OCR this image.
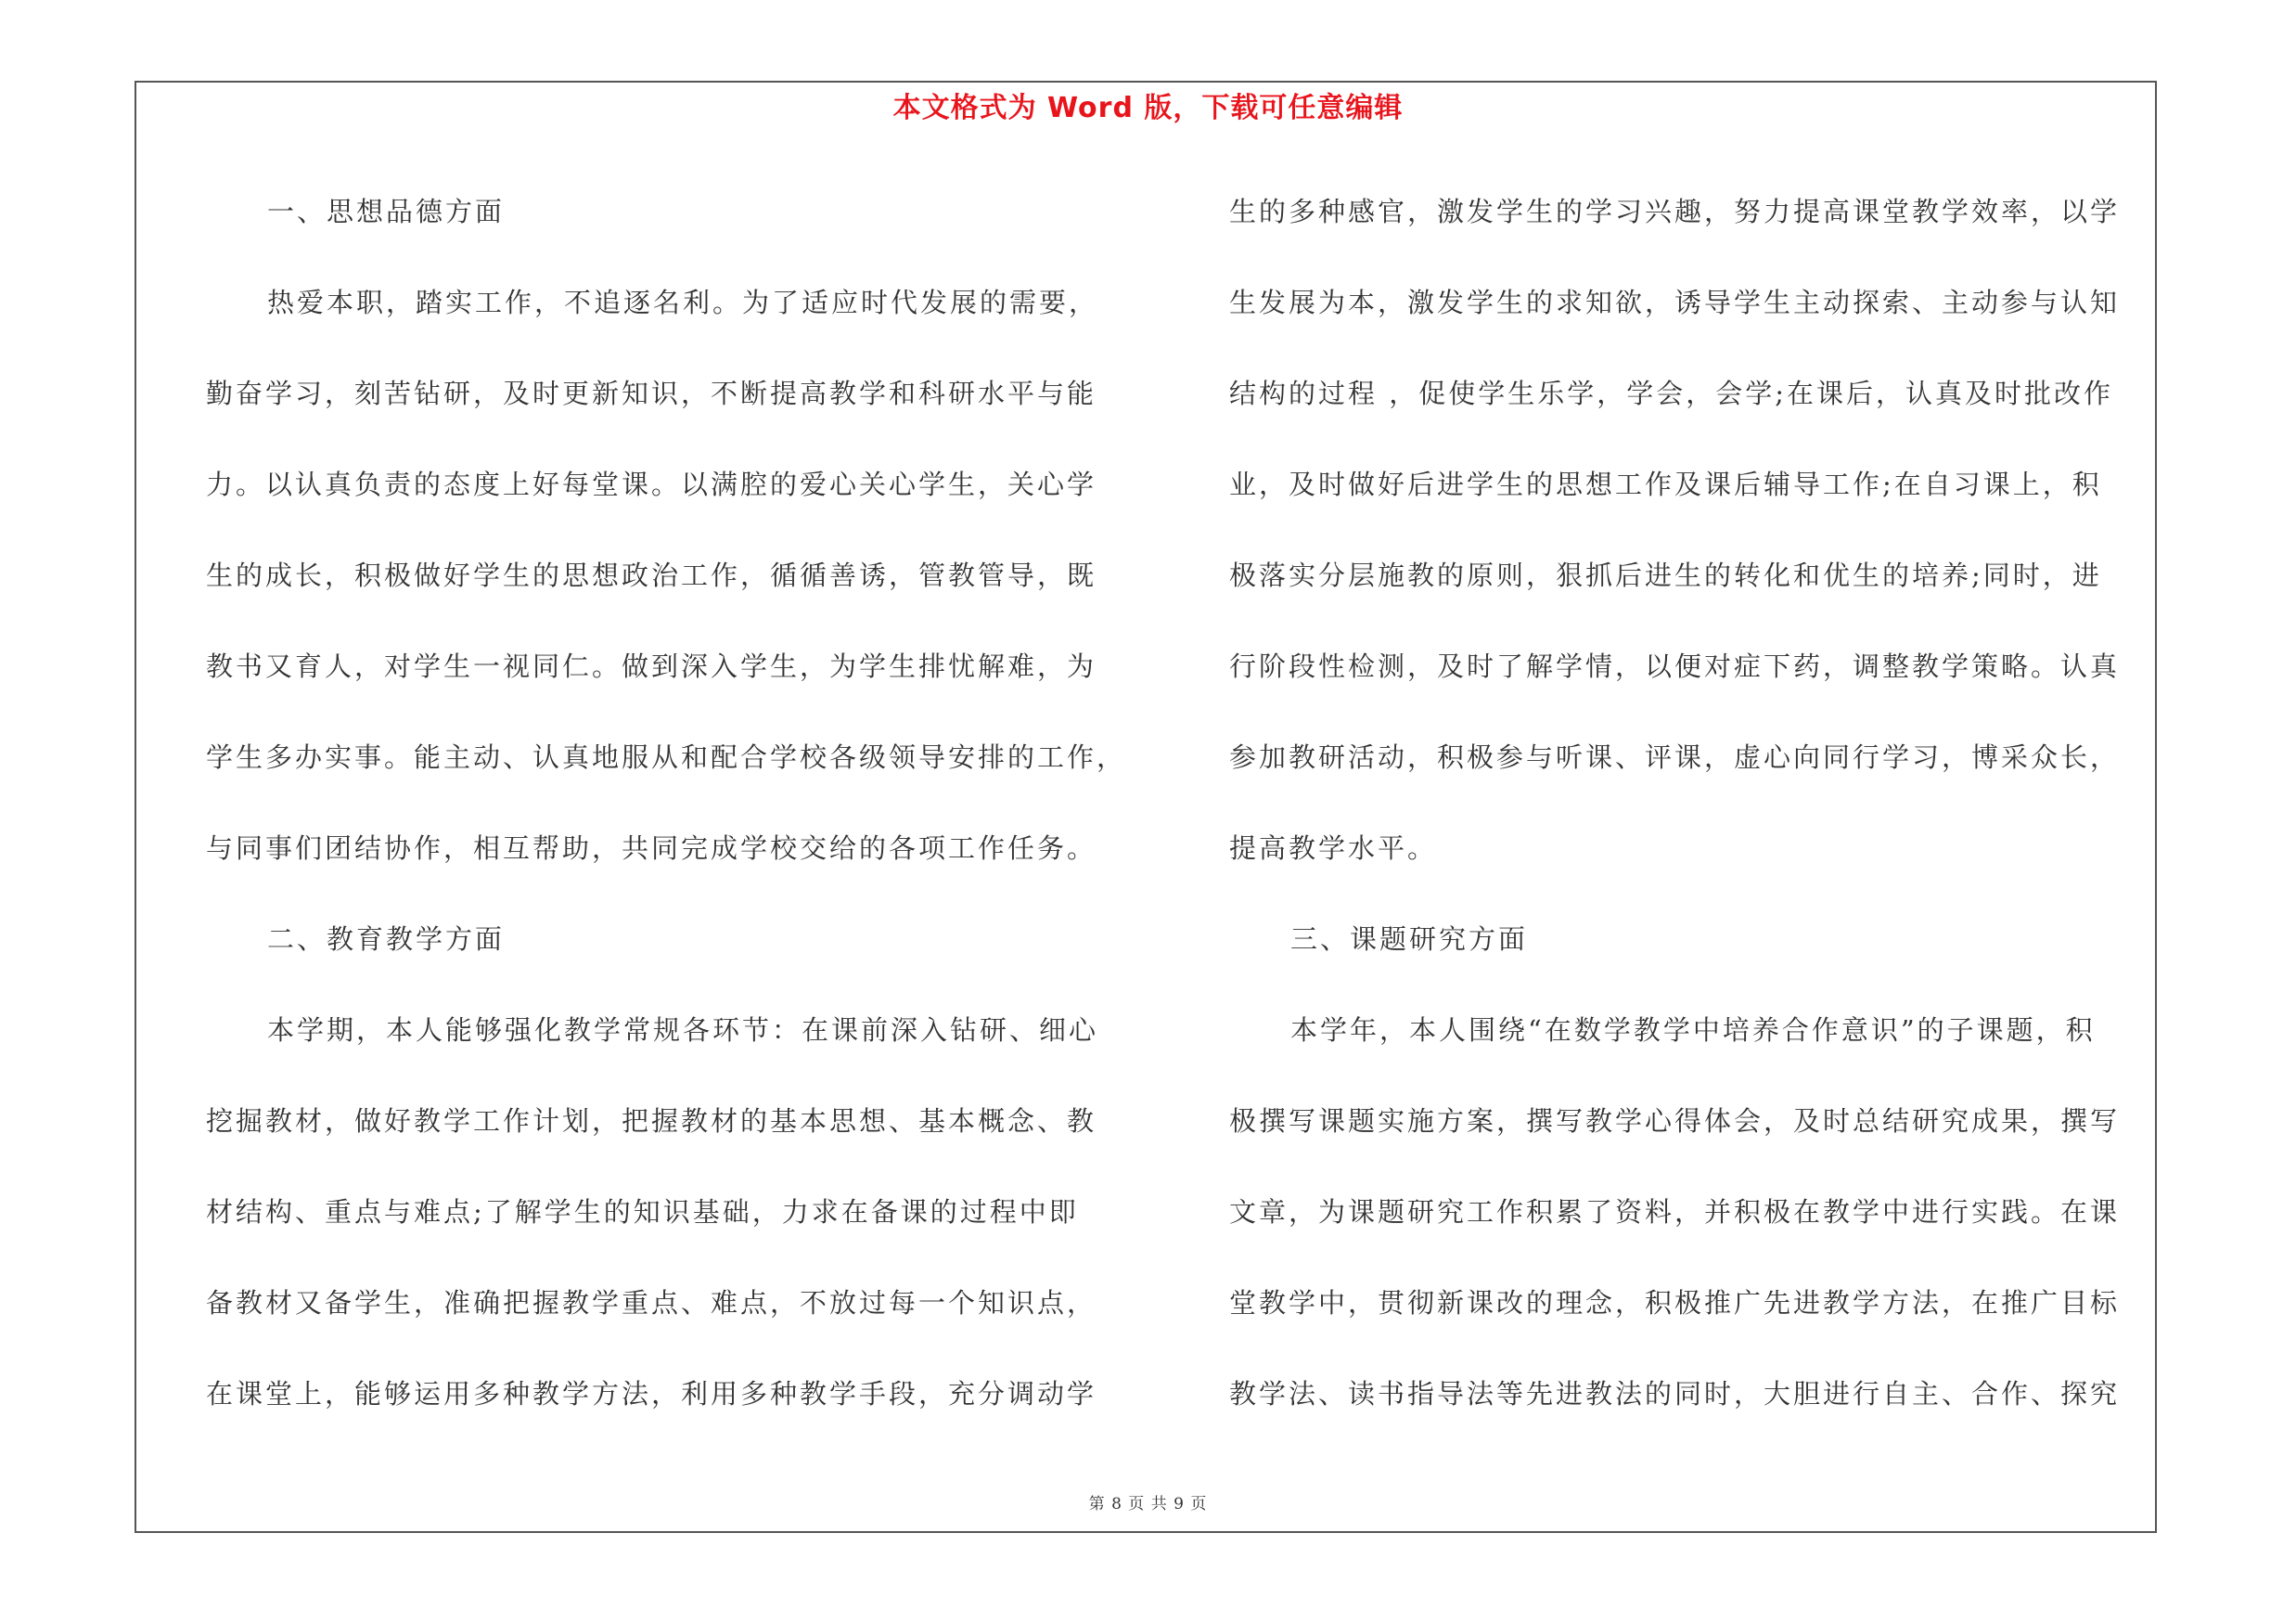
本文格式为 Word 版，下载可任意编辑
一、思想品德方面
热爱本职，踏实工作，不追逐名利。为了适应时代发展的需要，
勤奋学习，刻苦钻研，及时更新知识，不断提高教学和科研水平与能
力。以认真负责的态度上好每堂课。以满腔的爱心关心学生，关心学
生的成长，积极做好学生的思想政治工作，循循善诱，管教管导，既
教书又育人，对学生一视同仁。做到深入学生，为学生排忧解难，为
学生多办实事。能主动、认真地服从和配合学校各级领导安排的工作，
与同事们团结协作，相互帮助，共同完成学校交给的各项工作任务。
二、教育教学方面
本学期，本人能够强化教学常规各环节：在课前深入钻研、细心
挖掘教材，做好教学工作计划，把握教材的基本思想、基本概念、教
材结构、重点与难点;了解学生的知识基础，力求在备课的过程中即
备教材又备学生，准确把握教学重点、难点，不放过每一个知识点，
在课堂上，能够运用多种教学方法，利用多种教学手段，充分调动学
生的多种感官，激发学生的学习兴趣，努力提高课堂教学效率，以学
生发展为本，激发学生的求知欲，诱导学生主动探索、主动参与认知
结构的过程 ，促使学生乐学，学会，会学;在课后，认真及时批改作
业，及时做好后进学生的思想工作及课后辅导工作;在自习课上，积
极落实分层施教的原则，狠抓后进生的转化和优生的培养;同时，进
行阶段性检测，及时了解学情，以便对症下药，调整教学策略。认真
参加教研活动，积极参与听课、评课，虚心向同行学习，博采众长，
提高教学水平。
三、课题研究方面
本学年，本人围绕“在数学教学中培养合作意识”的子课题，积
极撰写课题实施方案，撰写教学心得体会，及时总结研究成果，撰写
文章，为课题研究工作积累了资料，并积极在教学中进行实践。在课
堂教学中，贯彻新课改的理念，积极推广先进教学方法，在推广目标
教学法、读书指导法等先进教法的同时，大胆进行自主、合作、探究
第 8 页 共 9 页
